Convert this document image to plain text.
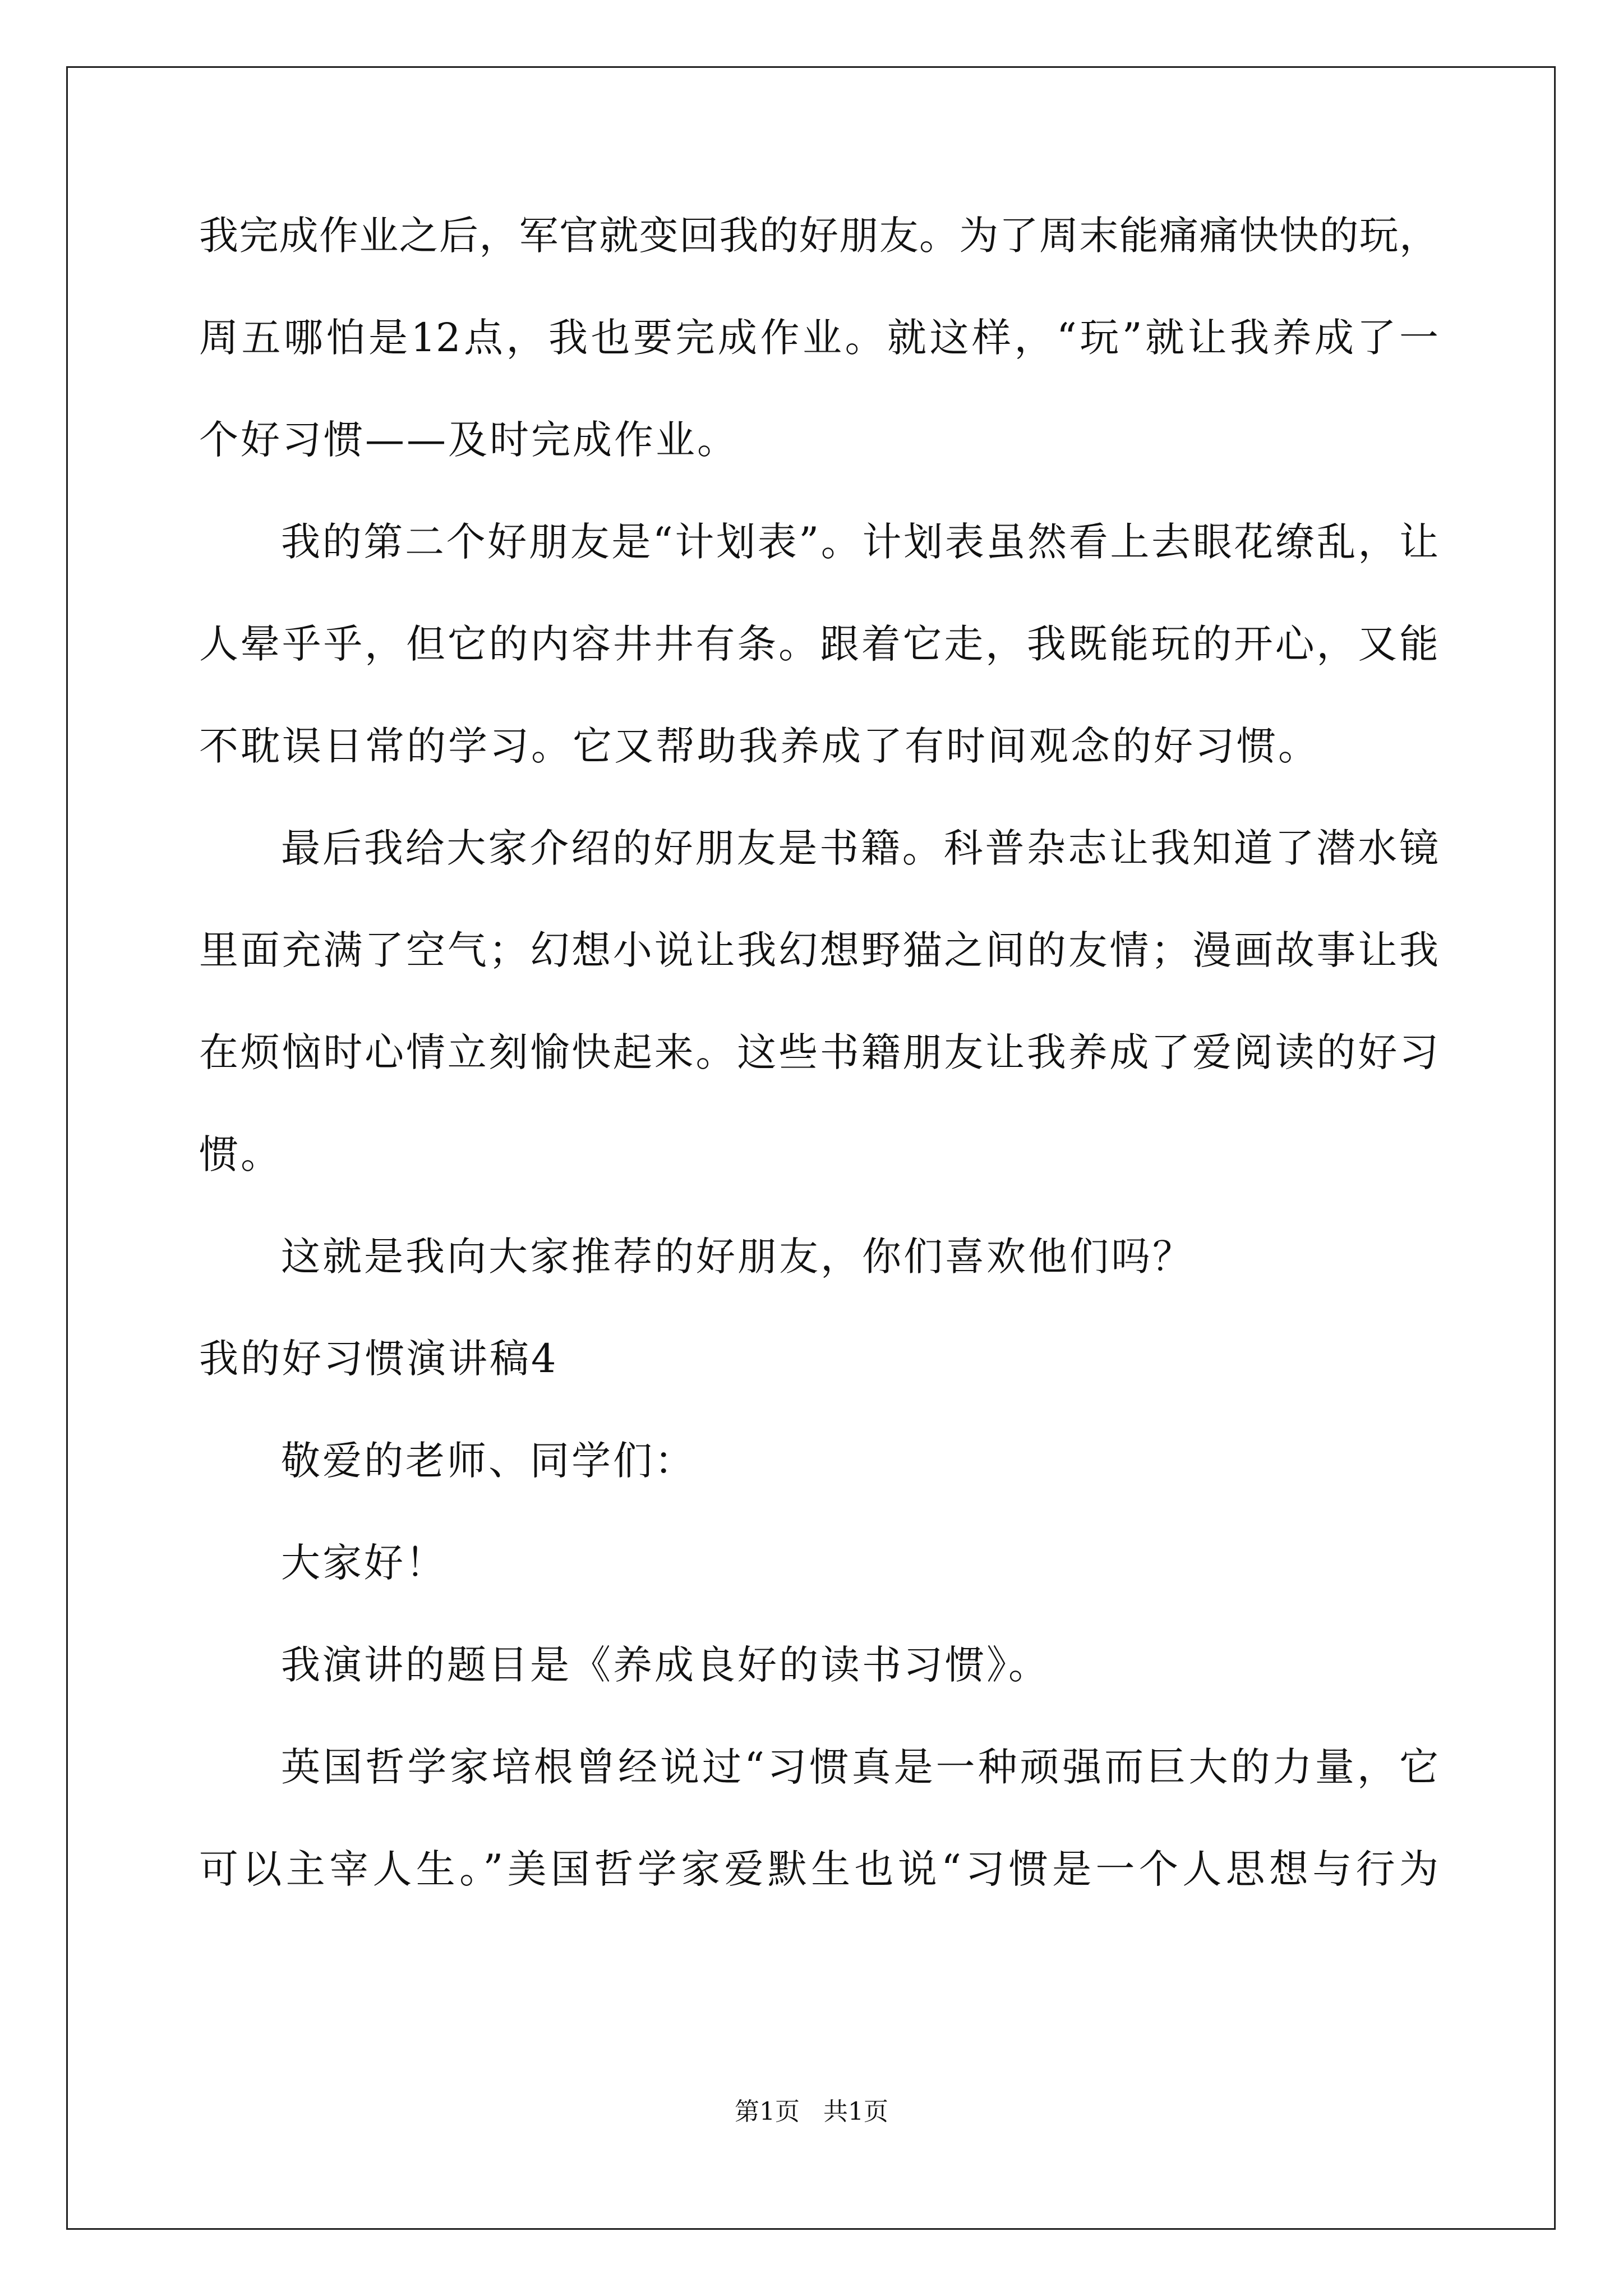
我完成作业之后，军官就变回我的好朋友。为了周末能痛痛快快的玩，
周五哪怕是12点，我也要完成作业。就这样，“玩”就让我养成了一
个好习惯——及时完成作业。
我的第二个好朋友是“计划表”。计划表虽然看上去眼花缭乱，让
人晕乎乎，但它的内容井井有条。跟着它走，我既能玩的开心，又能
不耽误日常的学习。它又帮助我养成了有时间观念的好习惯。
最后我给大家介绍的好朋友是书籍。科普杂志让我知道了潜水镜
里面充满了空气；幻想小说让我幻想野猫之间的友情；漫画故事让我
在烦恼时心情立刻愉快起来。这些书籍朋友让我养成了爱阅读的好习
惯。
这就是我向大家推荐的好朋友，你们喜欢他们吗？
我的好习惯演讲稿4
敬爱的老师、同学们：
大家好！
我演讲的题目是《养成良好的读书习惯》。
英国哲学家培根曾经说过“习惯真是一种顽强而巨大的力量，它
可以主宰人生。”美国哲学家爱默生也说“习惯是一个人思想与行为
第1页   共1页
